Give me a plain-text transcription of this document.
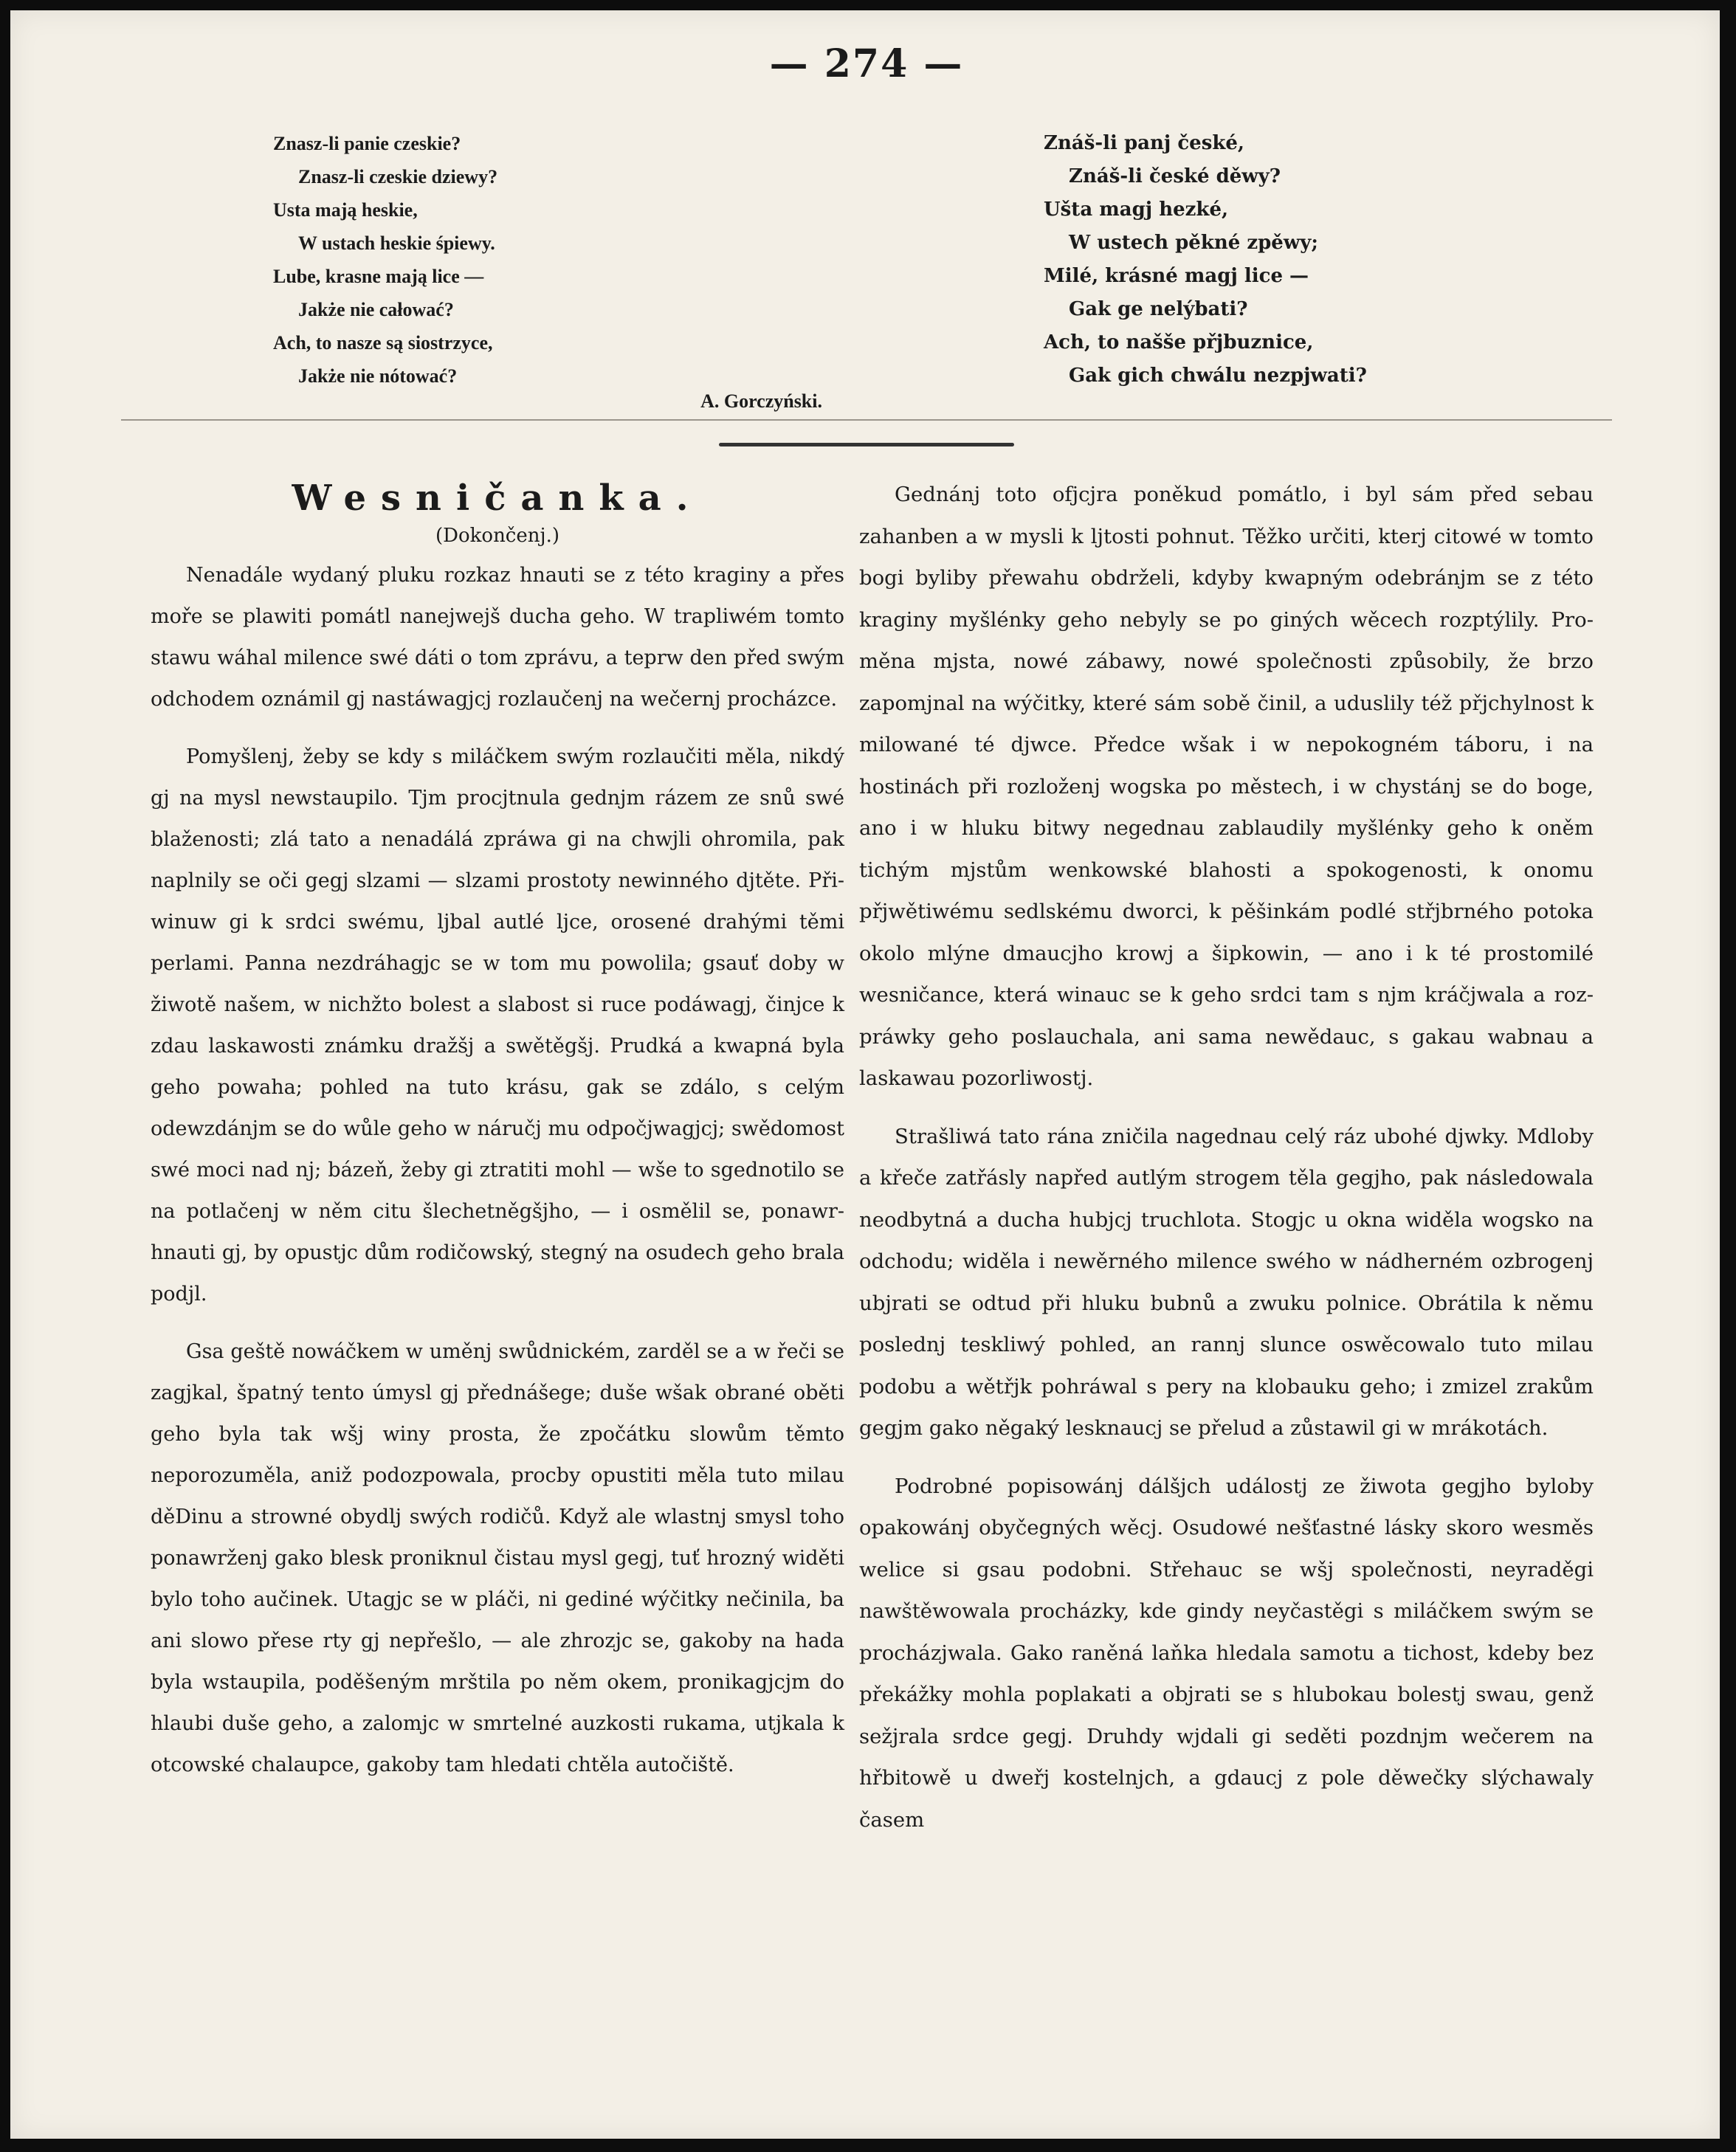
— 274 —
Znasz-li panie czeskie?
Znasz-li czeskie dziewy?
Usta mają heskie,
W ustach heskie śpiewy.
Lube, krasne mają lice —
Jakże nie całować?
Ach, to nasze są siostrzyce,
Jakże nie nótować?
Znáš-li panj české,
Znáš-li české děwy?
Ušta magj hezké,
W ustech pěkné zpěwy;
Milé, krásné magj lice —
Gak ge nelýbati?
Ach, to našše přjbuznice,
Gak gich chwálu nezpjwati?
A. Gorczyński.
Wesničanka.

(Dokončenj.)

Nenadále wydaný pluku rozkaz hnauti se z této kraginy a přes moře se plawiti pomátl nanejwejš ducha geho. W trapliwém tomto stawu wáhal milence swé dáti o tom zprávu, a teprw den před swým odchodem oznámil gj nastáwagjcj rozlaučenj na wečernj procházce.

Pomyšlenj, žeby se kdy s miláčkem swým rozlaučiti měla, nikdý gj na mysl newstaupilo. Tjm procjtnula gednjm rázem ze snů swé blaženosti; zlá tato a nenadálá zpráwa gi na chwjli ohromila, pak naplnily se oči gegj slzami — slzami prostoty newinného djtěte. Přiwinuw gi k srdci swému, ljbal autlé ljce, orosené drahými těmi perlami. Panna nezdráhagjc se w tom mu powolila; gsauť doby w žiwotě našem, w nichžto bolest a slabost si ruce podáwagj, činjce k zdau laskawosti známku dražšj a swětěgšj. Prudká a kwapná byla geho powaha; pohled na tuto krásu, gak se zdálo, s celým odewzdánjm se do wůle geho w náručj mu odpočjwagjcj; swědomost swé moci nad nj; bázeň, žeby gi ztratiti mohl — wše to sgednotilo se na potlačenj w něm citu šlechetněgšjho, — i osmělil se, ponawrhnauti gj, by opustjc dům rodičowský, stegný na osudech geho brala podjl.

Gsa geště nowáčkem w uměnj swůdnickém, zarděl se a w řeči se zagjkal, špatný tento úmysl gj přednášege; duše wšak obrané oběti geho byla tak wšj winy prosta, že zpočátku slowům těmto neporozuměla, aniž podozpowala, procby opustiti měla tuto milau děDinu a strowné obydlj swých rodičů. Když ale wlastnj smysl toho ponawrženj gako blesk proniknul čistau mysl gegj, tuť hrozný widěti bylo toho aučinek. Utagjc se w pláči, ni gediné wýčitky nečinila, ba ani slowo přese rty gj nepřešlo, — ale zhrozjc se, gakoby na hada byla wstaupila, poděšeným mrštila po něm okem, pronikagjcjm do hlaubi duše geho, a zalomjc w smrtelné auzkosti rukama, utjkala k otcowské chalaupce, gakoby tam hledati chtěla autočiště.

Gednánj toto ofjcjra poněkud pomátlo, i byl sám před sebau zahanben a w mysli k ljtosti pohnut. Těžko určiti, kterj citowé w tomto bogi byliby přewahu obdrželi, kdyby kwapným odebránjm se z této kraginy myšlénky geho nebyly se po giných wěcech rozptýlily. Proměna mjsta, nowé zábawy, nowé společnosti způsobily, že brzo zapomjnal na wýčitky, které sám sobě činil, a uduslily též přjchylnost k milowané té djwce. Předce wšak i w nepokogném táboru, i na hostinách při rozloženj wogska po městech, i w chystánj se do boge, ano i w hluku bitwy negednau zablaudily myšlénky geho k oněm tichým mjstům wenkowské blahosti a spokogenosti, k onomu přjwětiwému sedlskému dworci, k pěšinkám podlé střjbrného potoka okolo mlýne dmaucjho krowj a šipkowin, — ano i k té prostomilé wesničance, která winauc se k geho srdci tam s njm kráčjwala a rozpráwky geho poslauchala, ani sama newědauc, s gakau wabnau a laskawau pozorliwostj.

Strašliwá tato rána zničila nagednau celý ráz ubohé djwky. Mdloby a křeče zatřásly napřed autlým strogem těla gegjho, pak následowala neodbytná a ducha hubjcj truchlota. Stogjc u okna widěla wogsko na odchodu; widěla i newěrného milence swého w nádherném ozbrogenj ubjrati se odtud při hluku bubnů a zwuku polnice. Obrátila k němu poslednj teskliwý pohled, an rannj slunce oswěcowalo tuto milau podobu a wětřjk pohráwal s pery na klobauku geho; i zmizel zrakům gegjm gako něgaký lesknaucj se přelud a zůstawil gi w mrákotách.

Podrobné popisowánj dálšjch událostj ze žiwota gegjho byloby opakowánj obyčegných wěcj. Osudowé nešťastné lásky skoro wesměs welice si gsau podobni. Střehauc se wšj společnosti, neyraděgi nawštěwowala procházky, kde gindy neyčastěgi s miláčkem swým se procházjwala. Gako raněná laňka hledala samotu a tichost, kdeby bez překážky mohla poplakati a objrati se s hlubokau bolestj swau, genž sežjrala srdce gegj. Druhdy wjdali gi seděti pozdnjm wečerem na hřbitowě u dweřj kostelnjch, a gdaucj z pole děwečky slýchawaly časem
